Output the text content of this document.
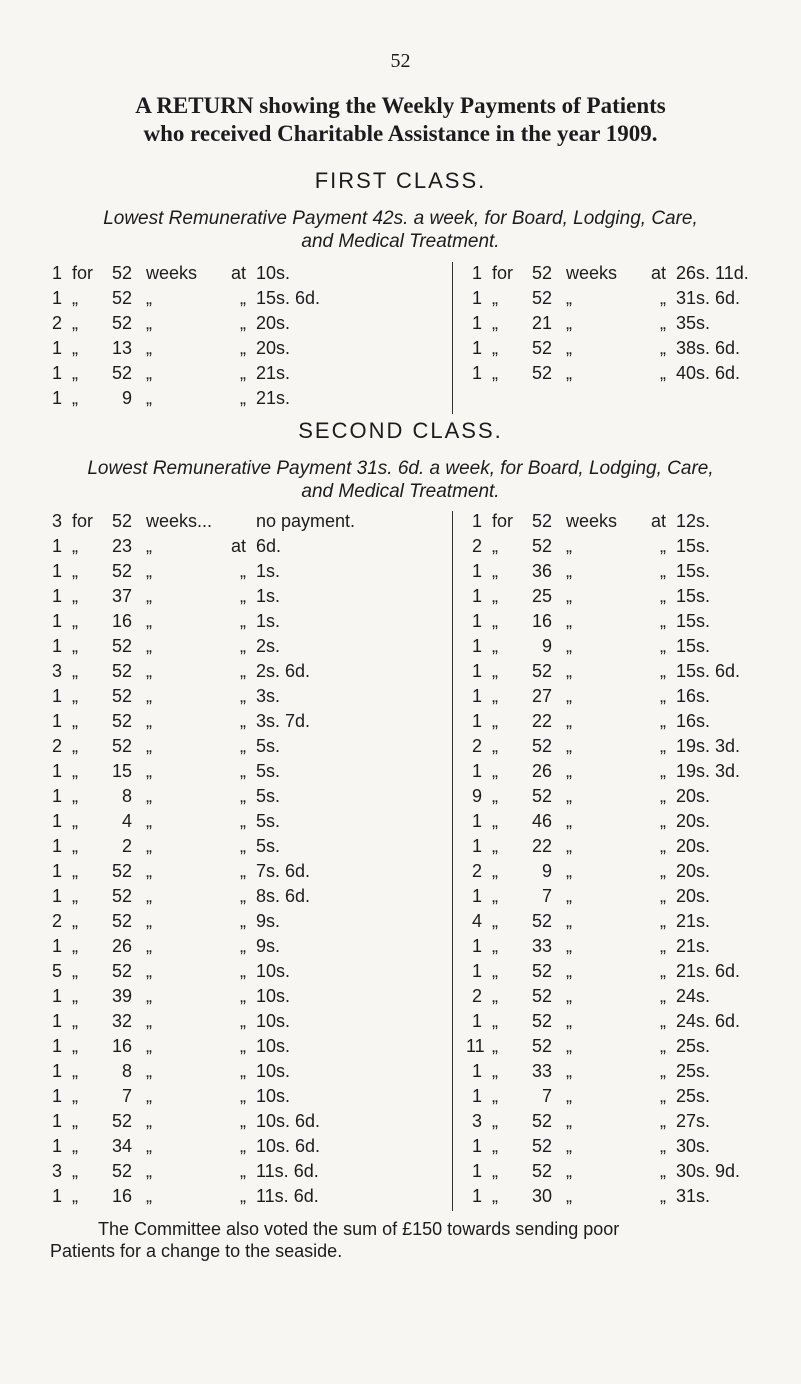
52
A RETURN showing the Weekly Payments of Patients
who received Charitable Assistance in the year 1909.
FIRST CLASS.
Lowest Remunerative Payment 42s. a week, for Board, Lodging, Care,
and Medical Treatment.
1 for	52 weeks	at 10s.
1 „	52 „	„ 15s. 6d.
2 „	52 „	„ 20s.
1 „	13 „	„ 20s.
1 „	52 „	„ 21s.
1 „	9 „	„ 21s.
1 for	52 weeks	at 26s. 11d.
1 „	52 „	„ 31s. 6d.
1 „	21 „	„ 35s.
1 „	52 „	„ 38s. 6d.
1 „	52 „	„ 40s. 6d.
SECOND CLASS.
Lowest Remunerative Payment 31s. 6d. a week, for Board, Lodging, Care,
and Medical Treatment.
3 for	52 weeks...	no payment.
1 „	23 „	at 6d.
1 „	52 „	„ 1s.
1 „	37 „	„ 1s.
1 „	16 „	„ 1s.
1 „	52 „	„ 2s.
3 „	52 „	„ 2s. 6d.
1 „	52 „	„ 3s.
1 „	52 „	„ 3s. 7d.
2 „	52 „	„ 5s.
1 „	15 „	„ 5s.
1 „	8 „	„ 5s.
1 „	4 „	„ 5s.
1 „	2 „	„ 5s.
1 „	52 „	„ 7s. 6d.
1 „	52 „	„ 8s. 6d.
2 „	52 „	„ 9s.
1 „	26 „	„ 9s.
5 „	52 „	„ 10s.
1 „	39 „	„ 10s.
1 „	32 „	„ 10s.
1 „	16 „	„ 10s.
1 „	8 „	„ 10s.
1 „	7 „	„ 10s.
1 „	52 „	„ 10s. 6d.
1 „	34 „	„ 10s. 6d.
3 „	52 „	„ 11s. 6d.
1 „	16 „	„ 11s. 6d.
1 for	52 weeks	at 12s.
2 „	52 „	„ 15s.
1 „	36 „	„ 15s.
1 „	25 „	„ 15s.
1 „	16 „	„ 15s.
1 „	9 „	„ 15s.
1 „	52 „	„ 15s. 6d.
1 „	27 „	„ 16s.
1 „	22 „	„ 16s.
2 „	52 „	„ 19s. 3d.
1 „	26 „	„ 19s. 3d.
9 „	52 „	„ 20s.
1 „	46 „	„ 20s.
1 „	22 „	„ 20s.
2 „	9 „	„ 20s.
1 „	7 „	„ 20s.
4 „	52 „	„ 21s.
1 „	33 „	„ 21s.
1 „	52 „	„ 21s. 6d.
2 „	52 „	„ 24s.
1 „	52 „	„ 24s. 6d.
11 „	52 „	„ 25s.
1 „	33 „	„ 25s.
1 „	7 „	„ 25s.
3 „	52 „	„ 27s.
1 „	52 „	„ 30s.
1 „	52 „	„ 30s. 9d.
1 „	30 „	„ 31s.
The Committee also voted the sum of £150 towards sending poor
Patients for a change to the seaside.
